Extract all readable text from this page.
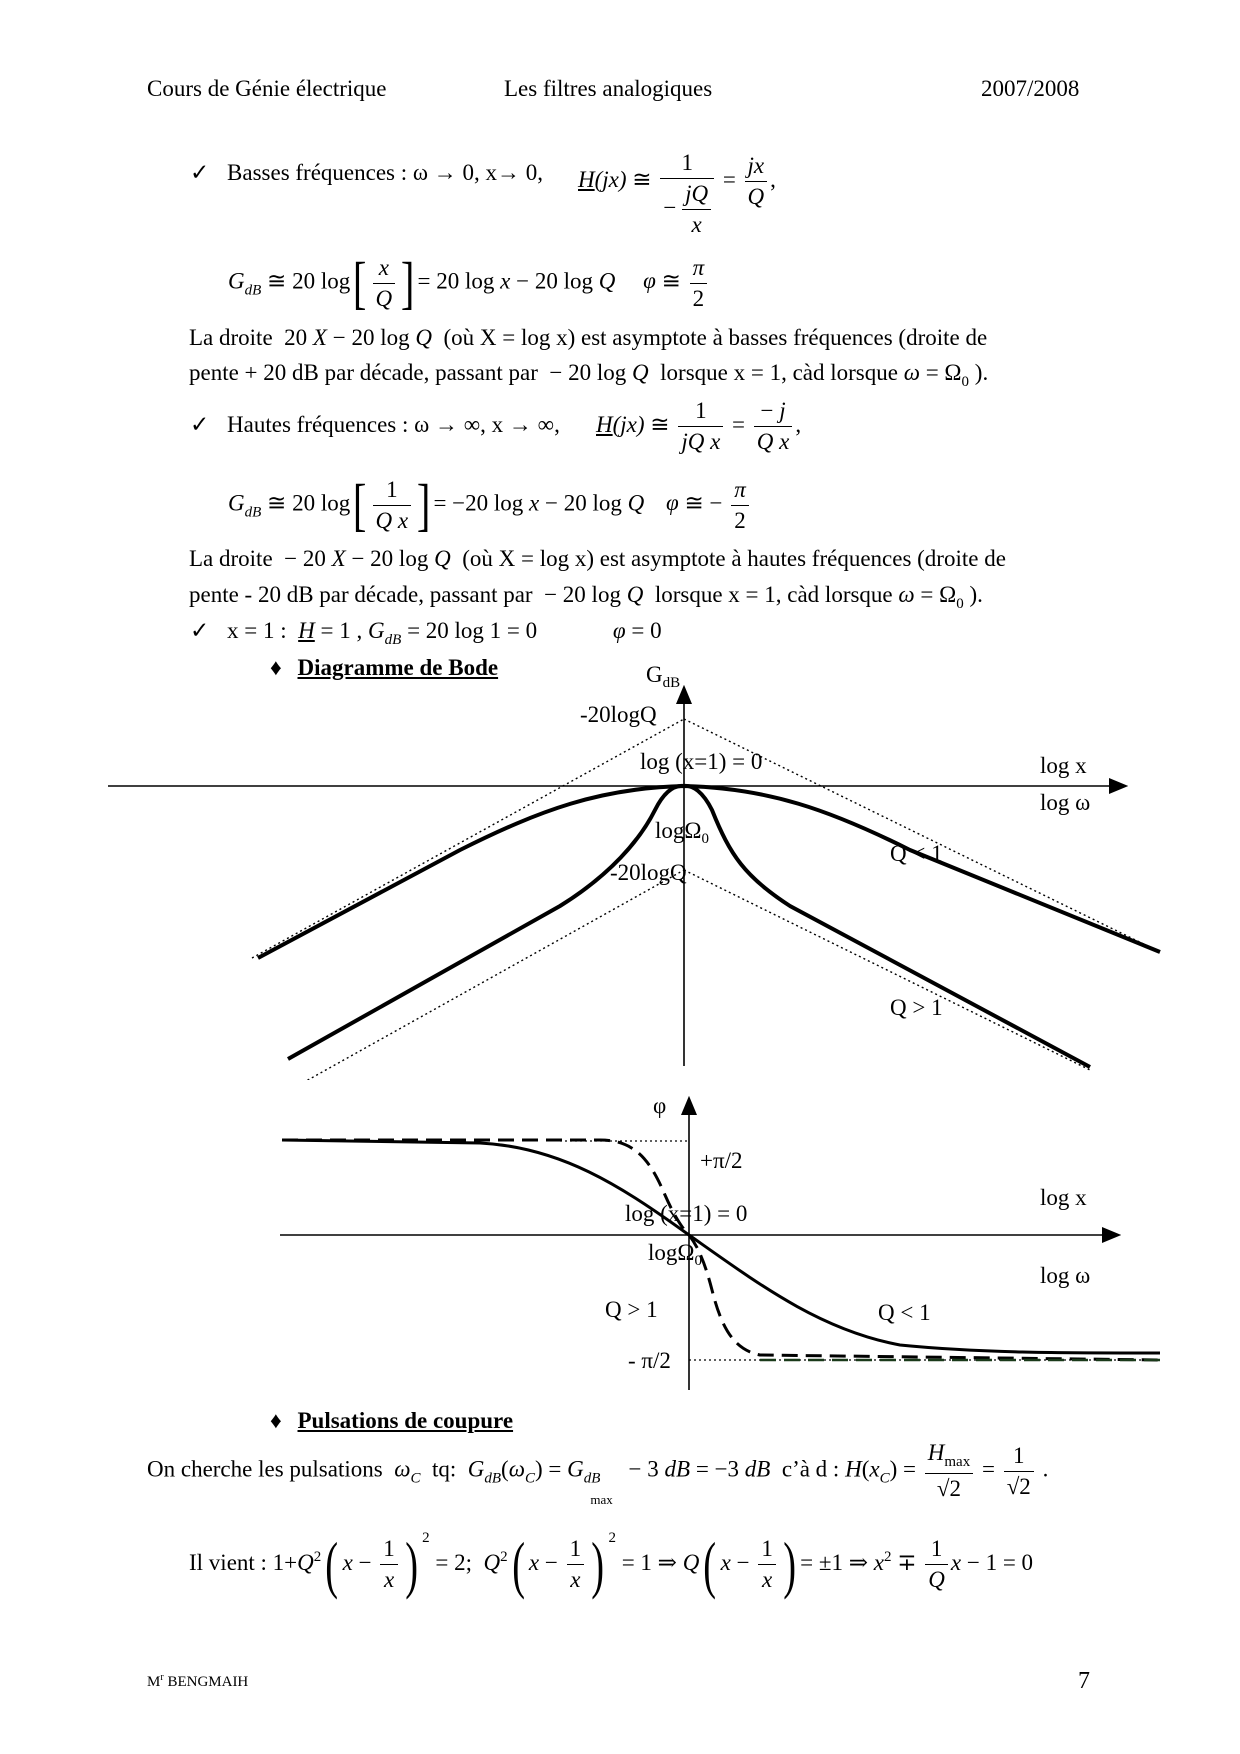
Cours de Génie électrique	Les filtres analogiques	2007/2008
✓ Basses fréquences : ω → 0, x→ 0, H(jx) ≅ $\frac{1}{- \frac{jQ}{x}} = \frac{jx}{Q}$ ,
$G_{dB}$ ≅ 20 $\log[ \frac{x}{Q}$ ] = 20 log x − 20 log Q φ ≅ $\frac{\pi}{2}$
La droite  20 X − 20 log Q  (où X = log x) est asymptote à basses fréquences (droite de
pente + 20 dB par décade, passant par  − 20 log Q  lorsque x = 1, càd lorsque $\omega = \Omega_0$ ).
✓ Hautes fréquences : ω → ∞, x → ∞, H(jx) ≅ $\frac{1}{\text{jQ x}} = \frac{- j}{\text{Q x}}$ ,
$G_{dB}$ ≅ 20 $\log[ \frac{1}{\text{Q x}}$ ] = −20 log x − 20 log Q φ ≅ − $\frac{\pi}{2}$
La droite  − 20 X − 20 log Q  (où X = log x) est asymptote à hautes fréquences (droite de
pente - 20 dB par décade, passant par  − 20 log Q  lorsque x = 1, càd lorsque $\omega = \Omega_0$ ).
✓ x = 1 :  H = 1 , $G_{dB} = 20$ log 1 = 0	φ = 0
♦ Diagramme de Bode	$G_{dB}$
-20logQ
log (x=1) = 0	log x
log ω
logΩ$_0$
-20logQ
Q < 1
Q > 1
φ
+π/2
log (x=1) = 0
log x
logΩ$_0$
log ω
Q > 1	Q < 1
- π/2
♦ Pulsations de coupure
On cherche les pulsations  $\omega_C$  tq:  $G_{dB}(\omega_C) = G_{dBmax} - 3$ dB = −3 dB  c’à d : $H(x_C) = \frac{H_{max}}{√2} = \frac{1}{√2}$ .
Il vient : $1+Q^2$( $x - \frac{1}{x}$ ) $^2$ = 2;  $Q^2$( $x - \frac{1}{x}$ ) $^2$ = 1 ⇒ Q( $x - \frac{1}{x}$ ) = ±1 ⇒ $x^2 \mp \frac{1}{Q}$ x − 1 = 0
$M^r$ BENGMAIH	7
